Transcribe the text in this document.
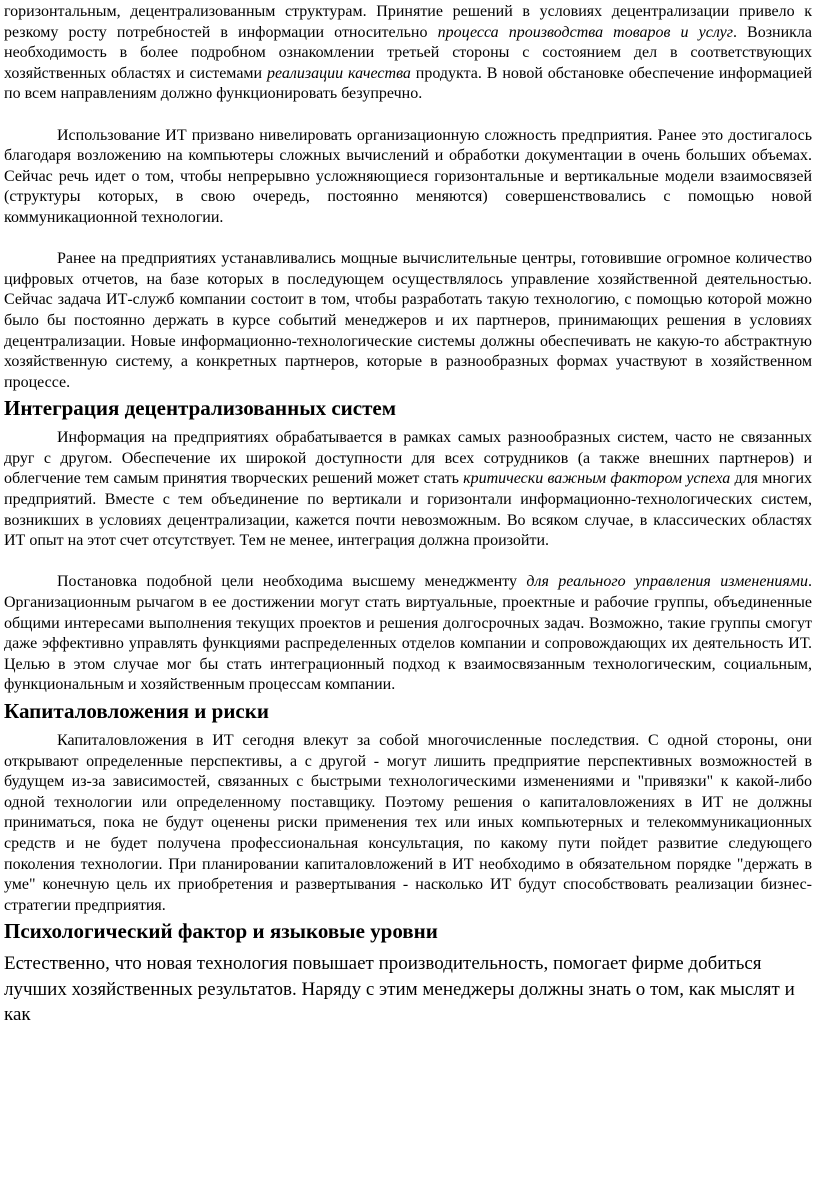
горизонтальным, децентрализованным структурам. Принятие решений в условиях децентрализации привело к резкому росту потребностей в информации относительно процесса производства товаров и услуг. Возникла необходимость в более подробном ознакомлении третьей стороны с состоянием дел в соответствующих хозяйственных областях и системами реализации качества продукта. В новой обстановке обеспечение информацией по всем направлениям должно функционировать безупречно.

Использование ИТ призвано нивелировать организационную сложность предприятия. Ранее это достигалось благодаря возложению на компьютеры сложных вычислений и обработки документации в очень больших объемах. Сейчас речь идет о том, чтобы непрерывно усложняющиеся горизонтальные и вертикальные модели взаимосвязей (структуры которых, в свою очередь, постоянно меняются) совершенствовались с помощью новой коммуникационной технологии.

Ранее на предприятиях устанавливались мощные вычислительные центры, готовившие огромное количество цифровых отчетов, на базе которых в последующем осуществлялось управление хозяйственной деятельностью. Сейчас задача ИТ-служб компании состоит в том, чтобы разработать такую технологию, с помощью которой можно было бы постоянно держать в курсе событий менеджеров и их партнеров, принимающих решения в условиях децентрализации. Новые информационно-технологические системы должны обеспечивать не какую-то абстрактную хозяйственную систему, а конкретных партнеров, которые в разнообразных формах участвуют в хозяйственном процессе.

Интеграция децентрализованных систем

Информация на предприятиях обрабатывается в рамках самых разнообразных систем, часто не связанных друг с другом. Обеспечение их широкой доступности для всех сотрудников (а также внешних партнеров) и облегчение тем самым принятия творческих решений может стать критически важным фактором успеха для многих предприятий. Вместе с тем объединение по вертикали и горизонтали информационно-технологических систем, возникших в условиях децентрализации, кажется почти невозможным. Во всяком случае, в классических областях ИТ опыт на этот счет отсутствует. Тем не менее, интеграция должна произойти.

Постановка подобной цели необходима высшему менеджменту для реального управления изменениями. Организационным рычагом в ее достижении могут стать виртуальные, проектные и рабочие группы, объединенные общими интересами выполнения текущих проектов и решения долгосрочных задач. Возможно, такие группы смогут даже эффективно управлять функциями распределенных отделов компании и сопровождающих их деятельность ИТ. Целью в этом случае мог бы стать интеграционный подход к взаимосвязанным технологическим, социальным, функциональным и хозяйственным процессам компании.

Капиталовложения и риски

Капиталовложения в ИТ сегодня влекут за собой многочисленные последствия. С одной стороны, они открывают определенные перспективы, а с другой - могут лишить предприятие перспективных возможностей в будущем из-за зависимостей, связанных с быстрыми технологическими изменениями и "привязки" к какой-либо одной технологии или определенному поставщику. Поэтому решения о капиталовложениях в ИТ не должны приниматься, пока не будут оценены риски применения тех или иных компьютерных и телекоммуникационных средств и не будет получена профессиональная консультация, по какому пути пойдет развитие следующего поколения технологии. При планировании капиталовложений в ИТ необходимо в обязательном порядке "держать в уме" конечную цель их приобретения и развертывания - насколько ИТ будут способствовать реализации бизнес-стратегии предприятия.

Психологический фактор и языковые уровни

Естественно, что новая технология повышает производительность, помогает фирме добиться лучших хозяйственных результатов. Наряду с этим менеджеры должны знать о том, как мыслят и как
